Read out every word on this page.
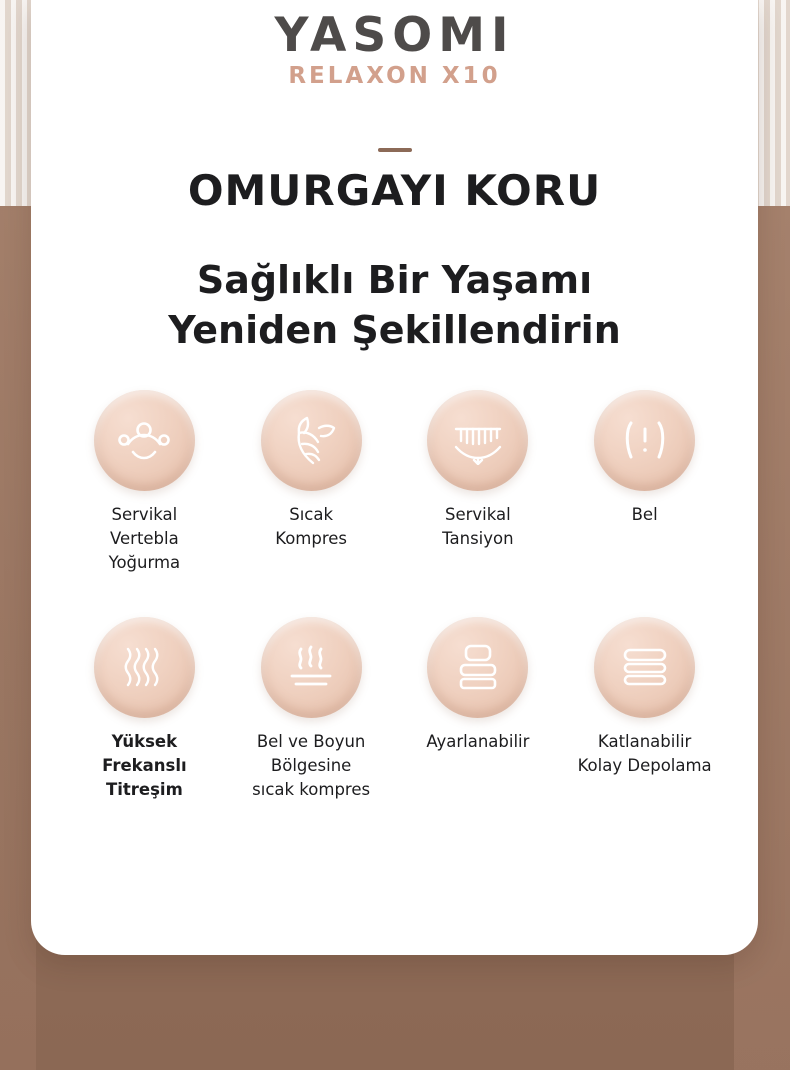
YASOMI
RELAXON X10
OMURGAYI KORU
Sağlıklı Bir Yaşamı
Yeniden Şekillendirin
Servikal
Vertebla
Yoğurma
Sıcak
Kompres
Servikal
Tansiyon
Bel
Yüksek
Frekanslı
Titreşim
Bel ve Boyun
Bölgesine
sıcak kompres
Ayarlanabilir	Katlanabilir
Kolay Depolama
